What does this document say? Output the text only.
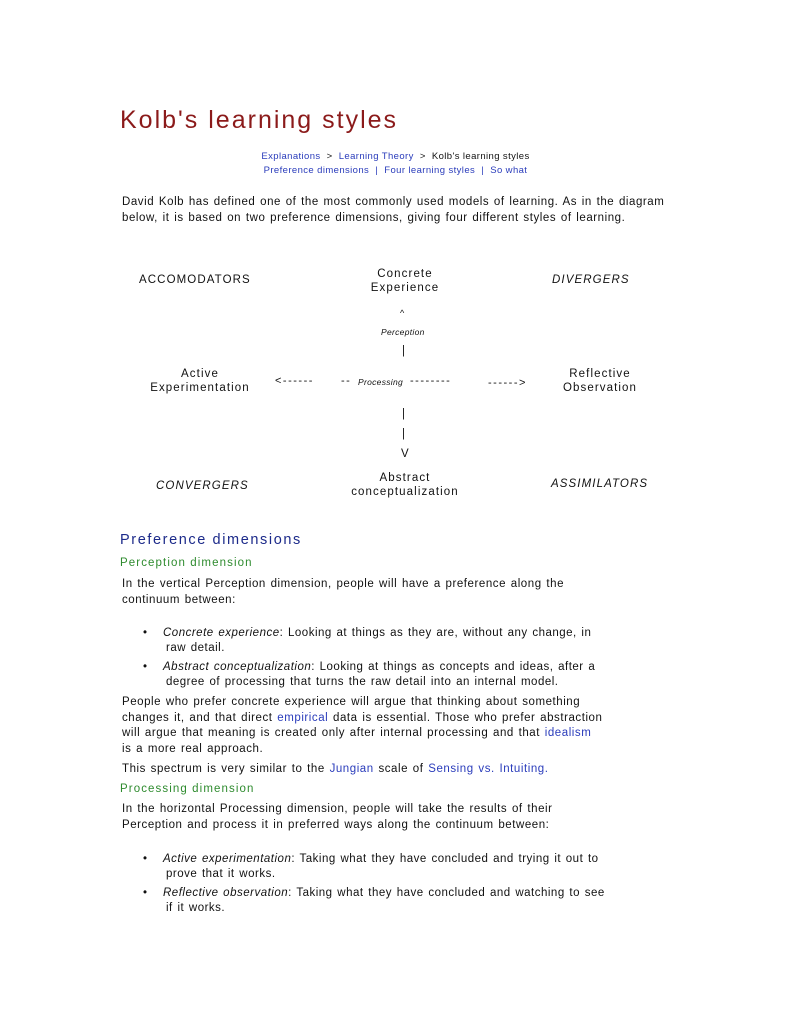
Kolb's learning styles
Explanations > Learning Theory > Kolb's learning styles
Preference dimensions | Four learning styles | So what

David Kolb has defined one of the most commonly used models of learning. As in the diagram below, it is based on two preference dimensions, giving four different styles of learning.

ACCOMODATORS	Concrete
Experience
DIVERGERS
^
Perception
|
Active
Experimentation
<------ -- Processing --------	------>
Reflective
Observation
|
|
V
CONVERGERS
Abstract
conceptualization
ASSIMILATORS
Preference dimensions
Perception dimension
In the vertical Perception dimension, people will have a preference along the
continuum between:
• Concrete experience: Looking at things as they are, without any change, in
raw detail.
• Abstract conceptualization: Looking at things as concepts and ideas, after a
degree of processing that turns the raw detail into an internal model.
People who prefer concrete experience will argue that thinking about something
changes it, and that direct empirical data is essential. Those who prefer abstraction
will argue that meaning is created only after internal processing and that idealism
is a more real approach.
This spectrum is very similar to the Jungian scale of Sensing vs. Intuiting.
Processing dimension
In the horizontal Processing dimension, people will take the results of their
Perception and process it in preferred ways along the continuum between:
• Active experimentation: Taking what they have concluded and trying it out to
prove that it works.
• Reflective observation: Taking what they have concluded and watching to see
if it works.
